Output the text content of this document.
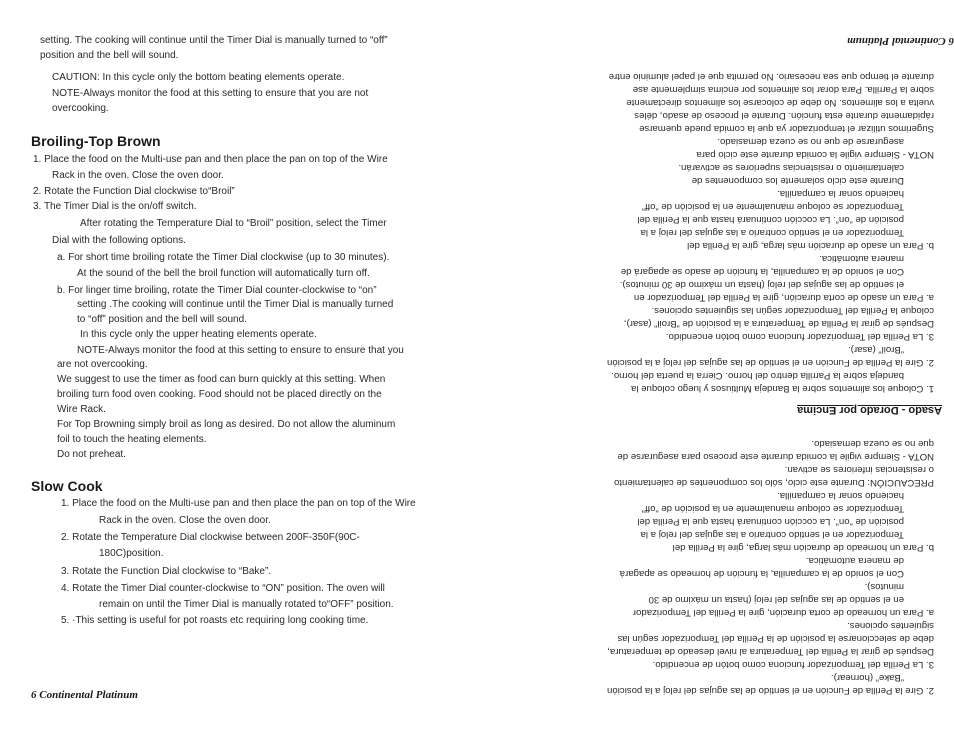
setting. The cooking will continue until the Timer Dial is manually turned to “off”
position and the bell will sound.
CAUTION: In this cycle only the bottom beating elements operate.
NOTE-Always monitor the food at this setting to ensure that you are not
overcooking.
Broiling-Top Brown
1. Place the food on the Multi-use pan and then place the pan on top of the Wire
Rack in the oven. Close the oven door.
2. Rotate the Function Dial clockwise to“Broil”
3. The Timer Dial is the on/off switch.
After rotating the Temperature Dial to “Broil” position, select the Timer
Dial with the following options.
a. For short time broiling rotate the Timer Dial clockwise (up to 30 minutes).
At the sound of the bell the broil function will automatically turn off.
b. For linger time broiling, rotate the Timer Dial counter-clockwise to “on”
setting .The cooking will continue until the Timer Dial is manually turned
to “off” position and the bell will sound.
In this cycle only the upper heating elements operate.
NOTE-Always monitor the food at this setting to ensure to ensure that you
are not overcooking.
We suggest to use the timer as food can burn quickly at this setting. When
broiling turn food oven cooking. Food should not be placed directly on the
Wire Rack.
For Top Browning simply broil as long as desired. Do not allow the aluminum
foil to touch the heating elements.
Do not preheat.
Slow Cook
1. Place the food on the Multi-use pan and then place the pan on top of the Wire
Rack in the oven. Close the oven door.
2. Rotate the Temperature Dial clockwise between 200F-350F(90C-
180C)position.
3. Rotate the Function Dial clockwise to “Bake”.
4. Rotate the Timer Dial counter-clockwise to “ON” position. The oven will
remain on until the Timer Dial is manually rotated to“OFF” position.
5. ·This setting is useful for pot roasts etc requiring long cooking time.
6 Continental Platinum
6 Continental Platinum
2. Gire la Perilla de Función en el sentido de las agujas del reloj a la posición
“Bake” (hornear).
3. La Perilla del Temporizador funciona como botón de encendido.
Después de girar la Perilla del Temperatura al nivel deseado de temperatura,
debe de seleccionarse la posición de la Perilla del Temporizador según las
siguientes opciones.
a. Para un horneado de corta duración, gire la Perilla del Temporizador
en el sentido de las agujas del reloj (hasta un máximo de 30
minutos).
Con el sonido de la campanilla, la función de horneado se apagará
de manera automática.
b. Para un horneado de duración más larga, gire la Perilla del
Temporizador en el sentido contrario a las agujas del reloj a la
posición de “on”. La cocción continuará hasta que la Perilla del
Temporizador se coloque manualmente en la posición de “off”
haciendo sonar la campanilla.
PRECAUCIÓN: Durante este ciclo, sólo los componentes de calentamiento
o resistencias inferiores se activan.
NOTA - Siempre vigile la comida durante este proceso para asegurarse de
que no se cueza demasiado.
Asado - Dorado por Encima
1. Coloque los alimentos sobre la Bandeja Multiusos y luego coloque la
bandeja sobre la Parrilla dentro del horno. Cierra la puerta del horno.
2. Gire la Perilla de Función en el sentido de las agujas del reloj a la posición
“Broil” (asar).
3. La Perilla del Temporizador funciona como botón encendido.
Después de girar la Perilla de Temperatura a la posición de “Broil” (asar),
coloque la Perilla del Temporizador según las siguientes opciones.
a. Para un asado de corta duración, gire la Perilla del Temporizador en
el sentido de las agujas del reloj (hasta un máximo de 30 minutos).
Con el sonido de la campanilla, la función de asado se apagará de
manera automática.
b. Para un asado de duración más larga, gire la Perilla del
Temporizador en el sentido contrario a las agujas del reloj a la
posición de “on”. La cocción continuará hasta que la Perilla del
Temporizador se coloque manualmente en la posición de “off”
haciendo sonar la campanilla.
Durante este ciclo solamente los componentes de
calentamiento o resistencias superiores se activarán.
NOTA - Siempre vigile la comida durante este ciclo para
asegurarse de que no se cueza demasiado.
Sugerimos utilizar el temporizador ya que la comida puede quemarse
rápidamente durante esta función. Durante el proceso de asado, déles
vuelta a los alimentos. No debe de colocarse los alimentos directamente
sobre la Parrilla. Para dorar los alimentos por encima simplemente ase
durante el tiempo que sea necesario. No permita que el papel aluminio entre
